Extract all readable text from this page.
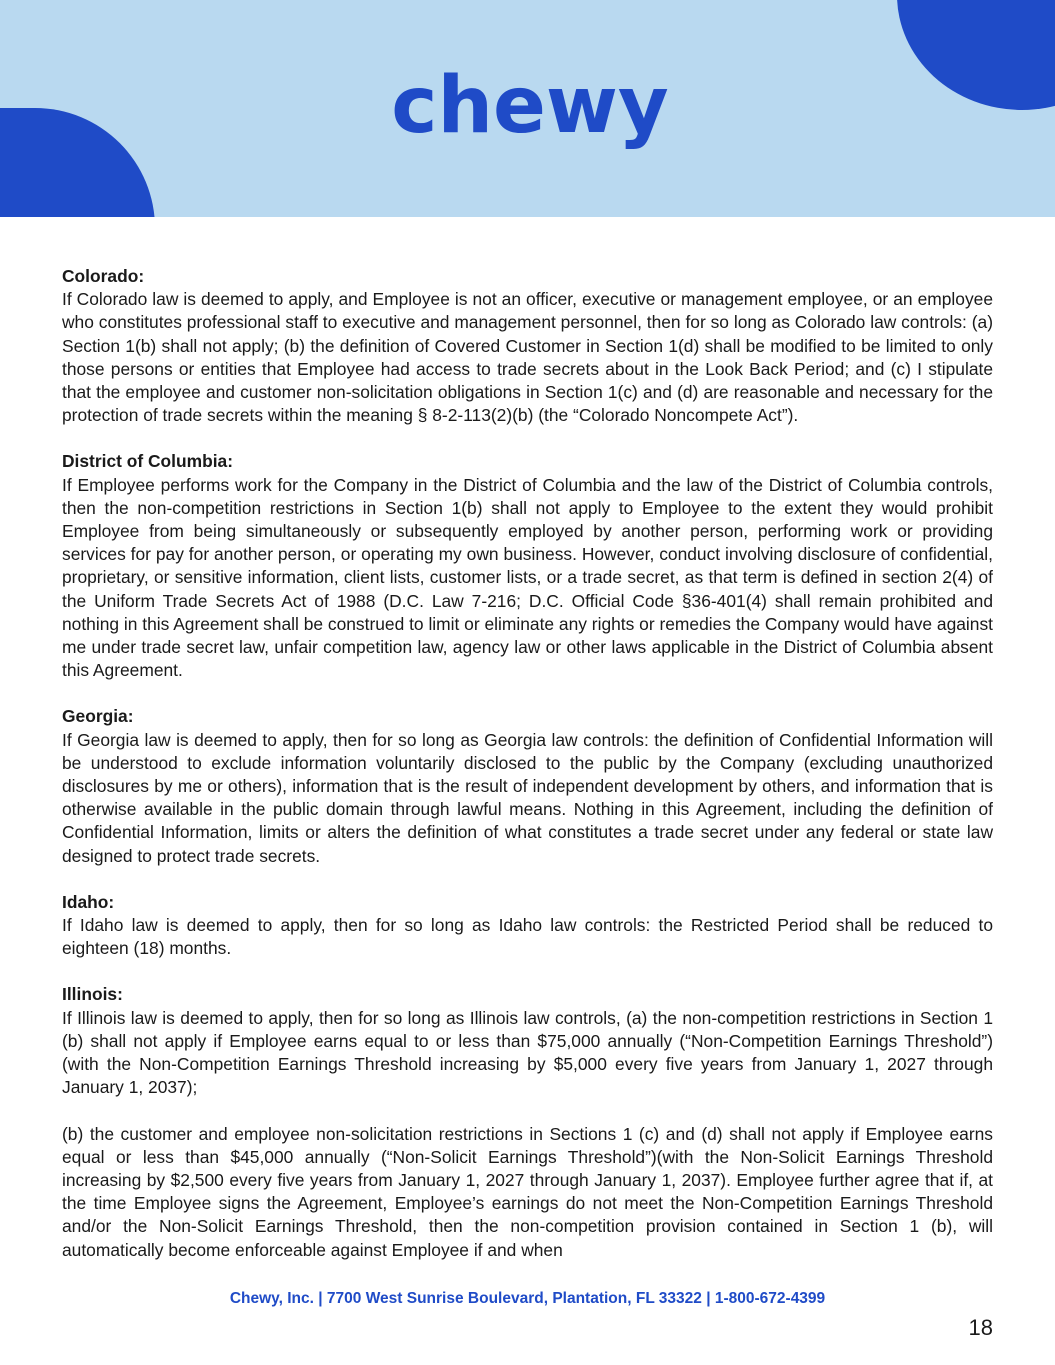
chewy
Colorado:

If Colorado law is deemed to apply, and Employee is not an officer, executive or management employee, or an employee who constitutes professional staff to executive and management personnel, then for so long as Colorado law controls: (a) Section 1(b) shall not apply; (b) the definition of Covered Customer in Section 1(d) shall be modified to be limited to only those persons or entities that Employee had access to trade secrets about in the Look Back Period; and (c) I stipulate that the employee and customer non-solicitation obligations in Section 1(c) and (d) are reasonable and necessary for the protection of trade secrets within the meaning § 8-2-113(2)(b) (the “Colorado Noncompete Act”).

District of Columbia:

If Employee performs work for the Company in the District of Columbia and the law of the District of Columbia controls, then the non-competition restrictions in Section 1(b) shall not apply to Employee to the extent they would prohibit Employee from being simultaneously or subsequently employed by another person, performing work or providing services for pay for another person, or operating my own business. However, conduct involving disclosure of confidential, proprietary, or sensitive information, client lists, customer lists, or a trade secret, as that term is defined in section 2(4) of the Uniform Trade Secrets Act of 1988 (D.C. Law 7-216; D.C. Official Code §36-401(4) shall remain prohibited and nothing in this Agreement shall be construed to limit or eliminate any rights or remedies the Company would have against me under trade secret law, unfair competition law, agency law or other laws applicable in the District of Columbia absent this Agreement.

Georgia:

If Georgia law is deemed to apply, then for so long as Georgia law controls: the definition of Confidential Information will be understood to exclude information voluntarily disclosed to the public by the Company (excluding unauthorized disclosures by me or others), information that is the result of independent development by others, and information that is otherwise available in the public domain through lawful means. Nothing in this Agreement, including the definition of Confidential Information, limits or alters the definition of what constitutes a trade secret under any federal or state law designed to protect trade secrets.

Idaho:

If Idaho law is deemed to apply, then for so long as Idaho law controls: the Restricted Period shall be reduced to eighteen (18) months.

Illinois:

If Illinois law is deemed to apply, then for so long as Illinois law controls, (a) the non-competition restrictions in Section 1 (b) shall not apply if Employee earns equal to or less than $75,000 annually (“Non-Competition Earnings Threshold”) (with the Non-Competition Earnings Threshold increasing by $5,000 every five years from January 1, 2027 through January 1, 2037);

(b) the customer and employee non-solicitation restrictions in Sections 1 (c) and (d) shall not apply if Employee earns equal or less than $45,000 annually (“Non-Solicit Earnings Threshold”)(with the Non-Solicit Earnings Threshold increasing by $2,500 every five years from January 1, 2027 through January 1, 2037). Employee further agree that if, at the time Employee signs the Agreement, Employee’s earnings do not meet the Non-Competition Earnings Threshold and/or the Non-Solicit Earnings Threshold, then the non-competition provision contained in Section 1 (b), will automatically become enforceable against Employee if and when

Chewy, Inc. | 7700 West Sunrise Boulevard, Plantation, FL 33322 | 1-800-672-4399
18
